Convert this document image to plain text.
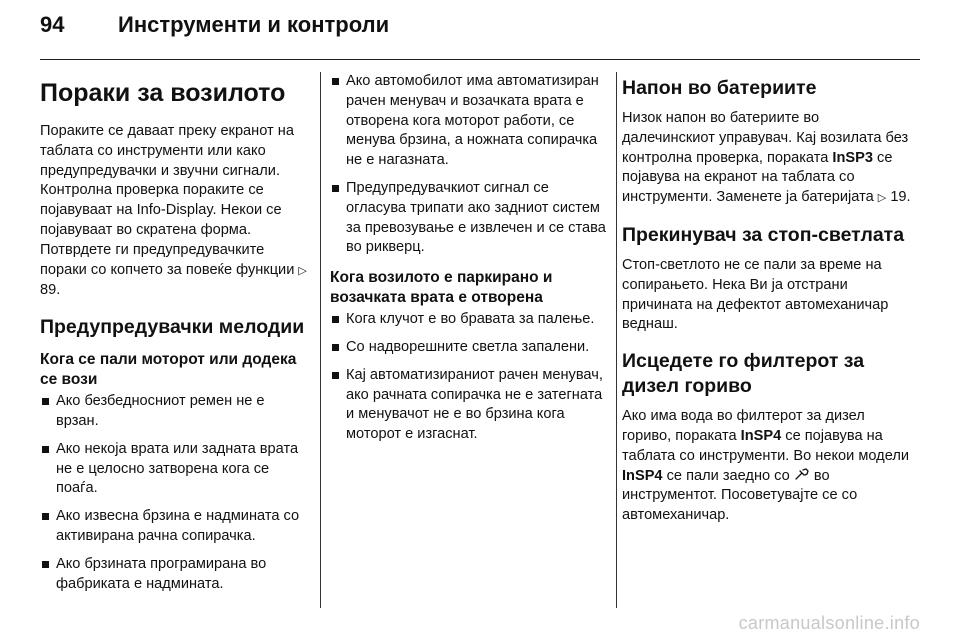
94	Инструменти и контроли
Пораки за возилото

Пораките се даваат преку екранот на таблата со инструменти или како предупредувачки и звучни сигнали. Контролна проверка пораките се појавуваат на Info-Display. Некои се појавуваат во скратена форма. Потврдете ги предупредувачките пораки со копчето за повеќе функции ▷ 89.

Предупредувачки мелодии
Кога се пали моторот или додека се вози
Ако безбедносниот ремен не е врзан.
Ако некоја врата или задната врата не е целосно затворена кога се поаѓа.
Ако извесна брзина е надмината со активирана рачна сопирачка.
Ако брзината програмирана во фабриката е надмината.
Ако автомобилот има автоматизиран рачен менувач и возачката врата е отворена кога моторот работи, се менува брзина, а ножната сопирачка не е нагазната.
Предупредувачкиот сигнал се огласува трипати ако задниот систем за превозување е извлечен и се става во рикверц.
Кога возилото е паркирано и возачката врата е отворена
Кога клучот е во бравата за палење.
Со надворешните светла запалени.
Кај автоматизираниот рачен менувач, ако рачната сопирачка не е затегната и менувачот не е во брзина кога моторот е изгаснат.
Напон во батериите

Низок напон во батериите во далечинскиот управувач. Кај возилата без контролна проверка, пораката InSP3 се појавува на екранот на таблата со инструменти. Заменете ја батеријата ▷ 19.

Прекинувач за стоп-светлата

Стоп-светлото не се пали за време на сопирањето. Нека Ви ја отстрани причината на дефектот автомеханичар веднаш.

Исцедете го филтерот за дизел гориво

Ако има вода во филтерот за дизел гориво, пораката InSP4 се појавува на таблата со инструменти. Во некои модели InSP4 се пали заедно со во инструментот. Посоветувајте се со автомеханичар.

carmanualsonline.info
